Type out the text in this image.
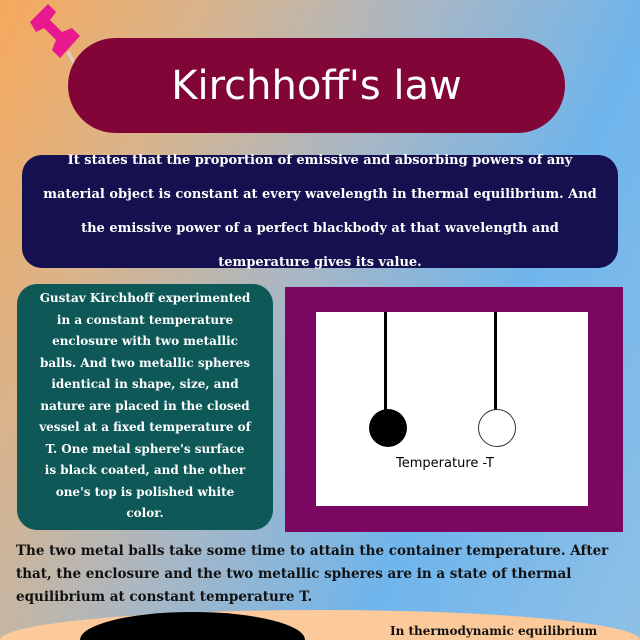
Kirchhoff's law
It states that the proportion of emissive and absorbing powers of any material object is constant at every wavelength in thermal equilibrium. And the emissive power of a perfect blackbody at that wavelength and temperature gives its value.
Gustav Kirchhoff experimented in a constant temperature enclosure with two metallic balls. And two metallic spheres identical in shape, size, and nature are placed in the closed vessel at a fixed temperature of T. One metal sphere's surface is black coated, and the other one's top is polished white color.
Temperature -T
The two metal balls take some time to attain the container temperature. After that, the enclosure and the two metallic spheres are in a state of thermal equilibrium at constant temperature T.
In thermodynamic equilibrium
